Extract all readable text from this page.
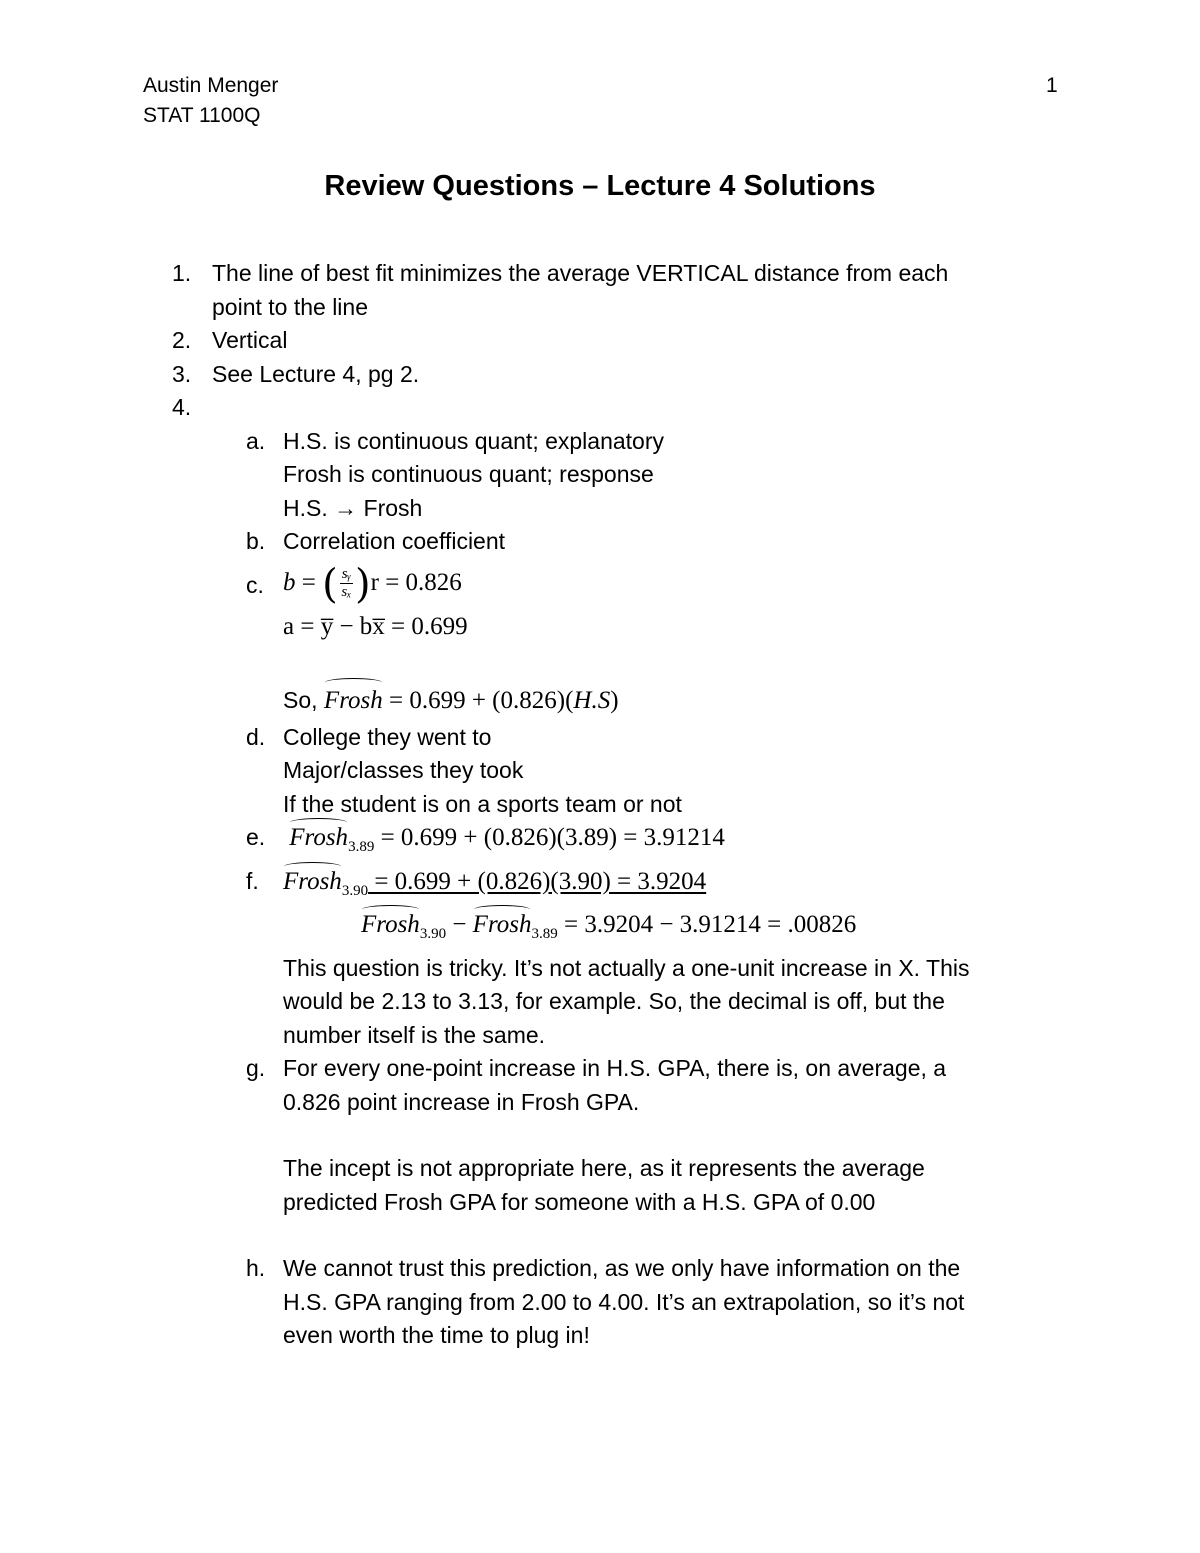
Austin Menger
STAT 1100Q
1
Review Questions – Lecture 4 Solutions
1. The line of best fit minimizes the average VERTICAL distance from each
point to the line
2. Vertical
3. See Lecture 4, pg 2.
4.

a. H.S. is continuous quant; explanatory
Frosh is continuous quant; response
H.S. → Frosh
b. Correlation coefficient
c. b = ( $\frac{\text{sᵧ}}{\text{sₓ}} )r = 0.826$
a = y̅ − bx̅ = 0.699
So, Frosh = 0.699 + (0.826)(H.S)
d. College they went to
Major/classes they took
If the student is on a sports team or not
e. Frosh$_{3.89}$ = 0.699 + (0.826)(3.89) = 3.91214
f. Frosh$_{3.90}$ = 0.699 + (0.826)(3.90) = 3.9204
Frosh$_{3.90}$ − Frosh$_{3.89}$ = 3.9204 − 3.91214 = .00826
This question is tricky. It’s not actually a one-unit increase in X. This
would be 2.13 to 3.13, for example. So, the decimal is off, but the
number itself is the same.
g. For every one-point increase in H.S. GPA, there is, on average, a
0.826 point increase in Frosh GPA.
The incept is not appropriate here, as it represents the average
predicted Frosh GPA for someone with a H.S. GPA of 0.00
h. We cannot trust this prediction, as we only have information on the
H.S. GPA ranging from 2.00 to 4.00. It’s an extrapolation, so it’s not
even worth the time to plug in!
